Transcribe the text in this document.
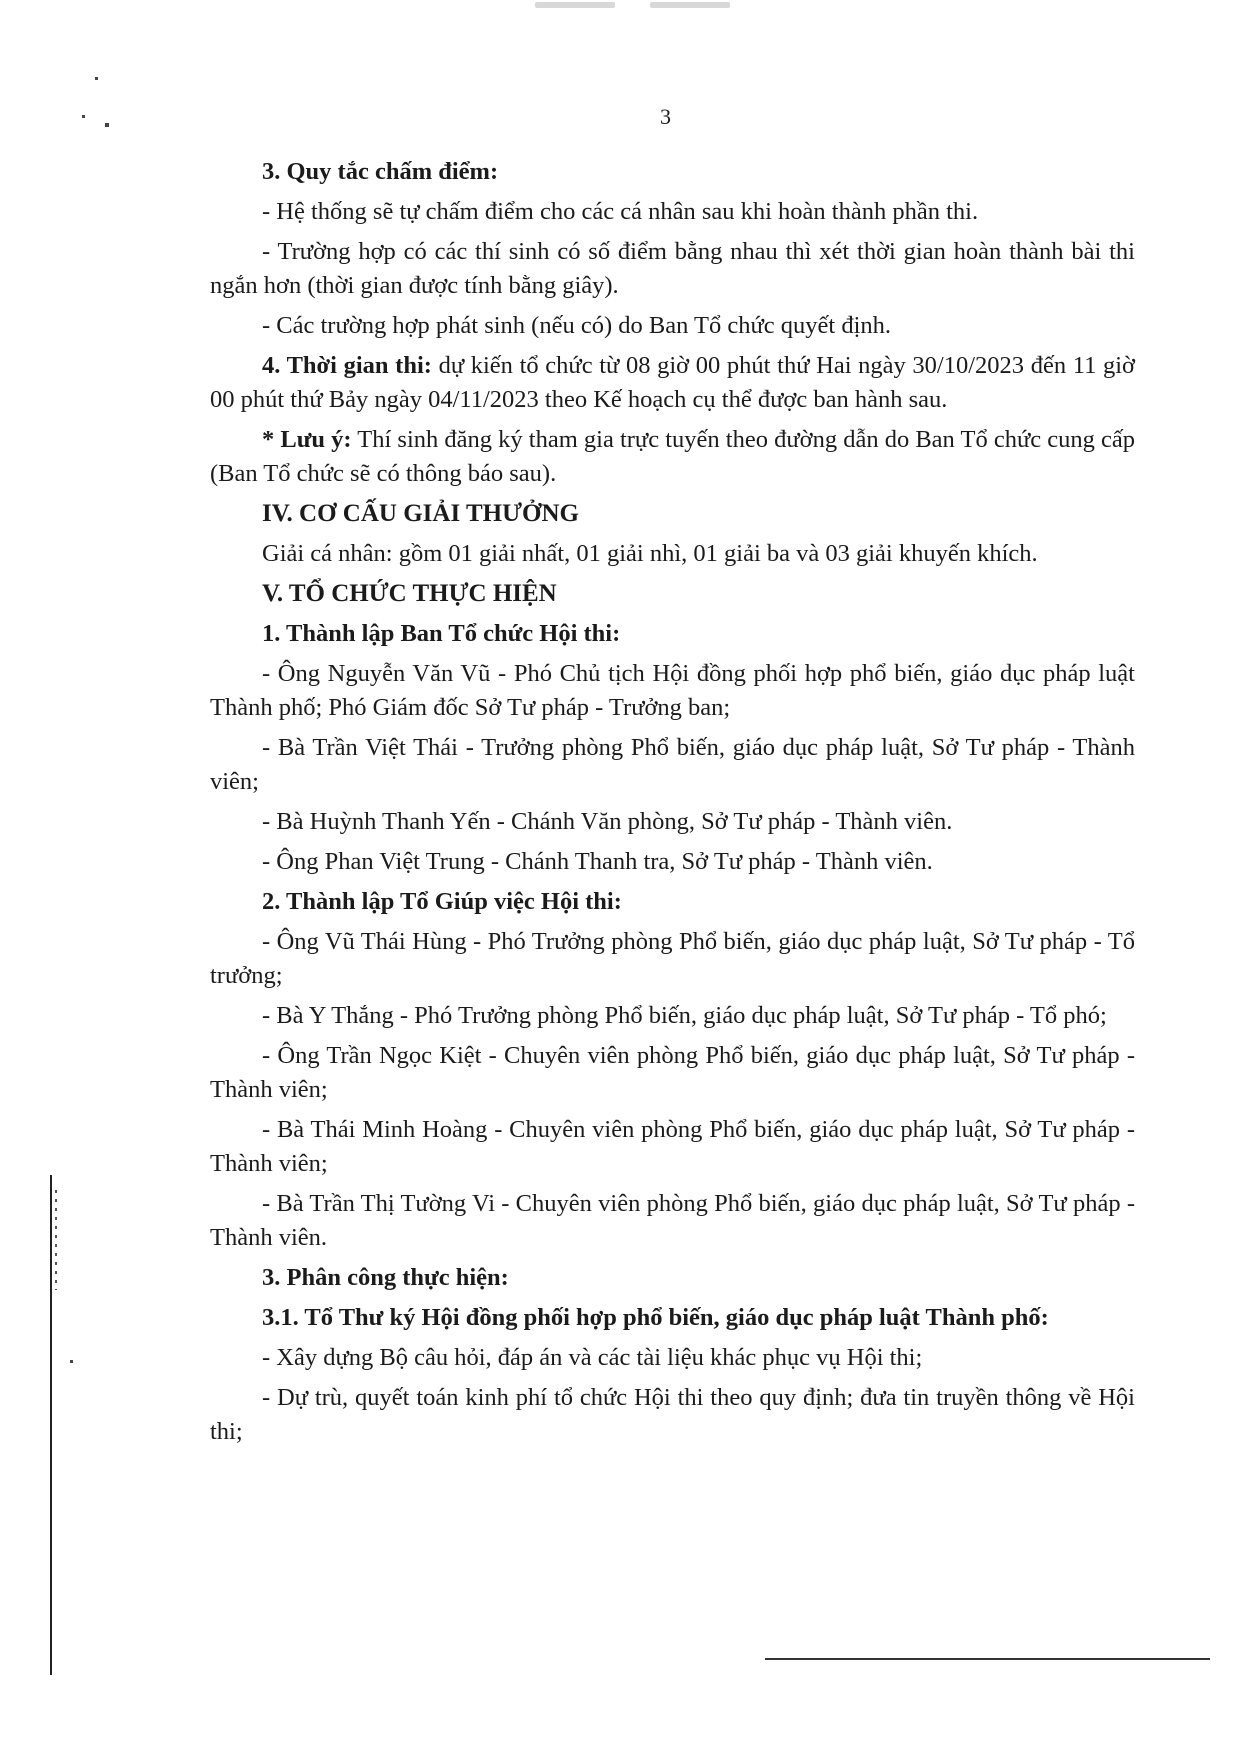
3

3. Quy tắc chấm điểm:

- Hệ thống sẽ tự chấm điểm cho các cá nhân sau khi hoàn thành phần thi.

- Trường hợp có các thí sinh có số điểm bằng nhau thì xét thời gian hoàn thành bài thi ngắn hơn (thời gian được tính bằng giây).

- Các trường hợp phát sinh (nếu có) do Ban Tổ chức quyết định.

4. Thời gian thi: dự kiến tổ chức từ 08 giờ 00 phút thứ Hai ngày 30/10/2023 đến 11 giờ 00 phút thứ Bảy ngày 04/11/2023 theo Kế hoạch cụ thể được ban hành sau.

* Lưu ý: Thí sinh đăng ký tham gia trực tuyến theo đường dẫn do Ban Tổ chức cung cấp (Ban Tổ chức sẽ có thông báo sau).

IV. CƠ CẤU GIẢI THƯỞNG

Giải cá nhân: gồm 01 giải nhất, 01 giải nhì, 01 giải ba và 03 giải khuyến khích.

V. TỔ CHỨC THỰC HIỆN

1. Thành lập Ban Tổ chức Hội thi:

- Ông Nguyễn Văn Vũ - Phó Chủ tịch Hội đồng phối hợp phổ biến, giáo dục pháp luật Thành phố; Phó Giám đốc Sở Tư pháp - Trưởng ban;

- Bà Trần Việt Thái - Trưởng phòng Phổ biến, giáo dục pháp luật, Sở Tư pháp - Thành viên;

- Bà Huỳnh Thanh Yến - Chánh Văn phòng, Sở Tư pháp - Thành viên.

- Ông Phan Việt Trung - Chánh Thanh tra, Sở Tư pháp - Thành viên.

2. Thành lập Tổ Giúp việc Hội thi:

- Ông Vũ Thái Hùng - Phó Trưởng phòng Phổ biến, giáo dục pháp luật, Sở Tư pháp - Tổ trưởng;

- Bà Y Thắng - Phó Trưởng phòng Phổ biến, giáo dục pháp luật, Sở Tư pháp - Tổ phó;

- Ông Trần Ngọc Kiệt - Chuyên viên phòng Phổ biến, giáo dục pháp luật, Sở Tư pháp - Thành viên;

- Bà Thái Minh Hoàng - Chuyên viên phòng Phổ biến, giáo dục pháp luật, Sở Tư pháp - Thành viên;

- Bà Trần Thị Tường Vi - Chuyên viên phòng Phổ biến, giáo dục pháp luật, Sở Tư pháp - Thành viên.

3. Phân công thực hiện:

3.1. Tổ Thư ký Hội đồng phối hợp phổ biến, giáo dục pháp luật Thành phố:

- Xây dựng Bộ câu hỏi, đáp án và các tài liệu khác phục vụ Hội thi;

- Dự trù, quyết toán kinh phí tổ chức Hội thi theo quy định; đưa tin truyền thông về Hội thi;
